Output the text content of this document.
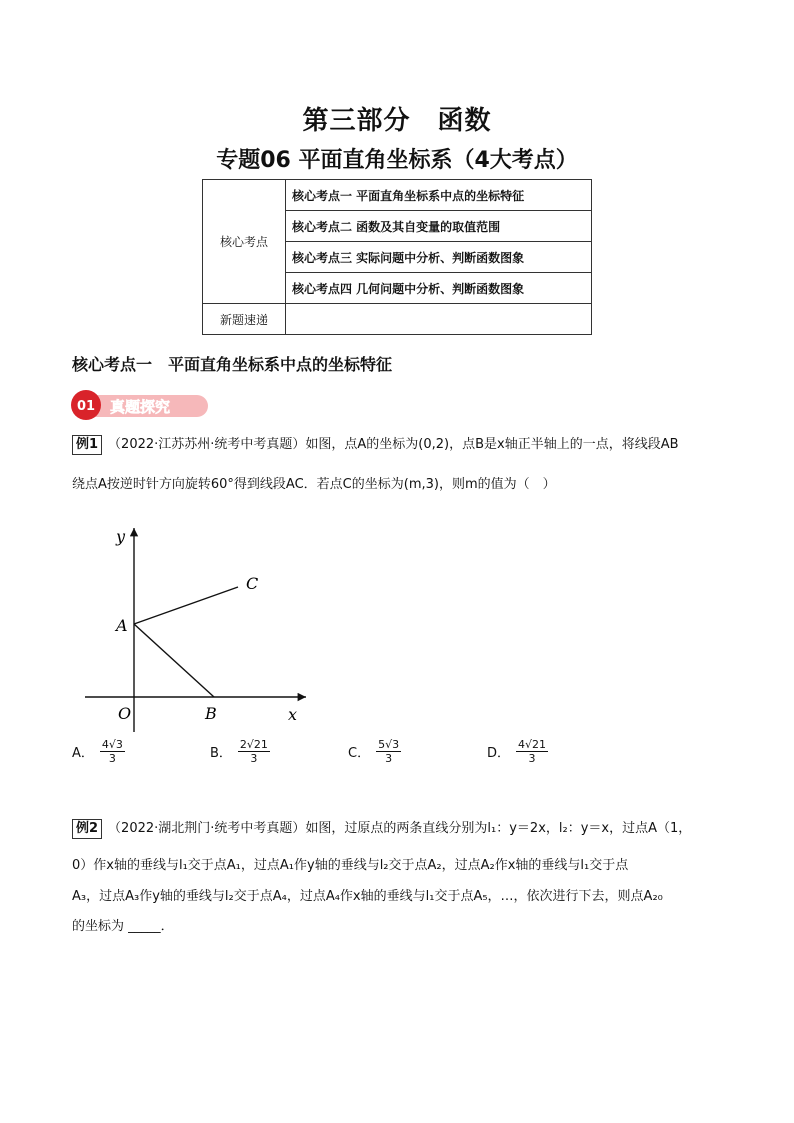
第三部分　函数
专题06 平面直角坐标系（4大考点）
核心考点	核心考点一 平面直角坐标系中点的坐标特征
	核心考点二 函数及其自变量的取值范围
	核心考点三 实际问题中分析、判断函数图象
	核心考点四 几何问题中分析、判断函数图象
新题速递	
核心考点一　平面直角坐标系中点的坐标特征
01 真题探究
例1 （2022·江苏苏州·统考中考真题）如图，点A的坐标为(0,2)，点B是x轴正半轴上的一点，将线段AB
绕点A按逆时针方向旋转60°得到线段AC．若点C的坐标为(m,3)，则m的值为（　）
y
x
O
A
B
C
A． $\frac{4√3}{3}$	B． $\frac{2√21}{3}$	C． $\frac{5√3}{3}$	D． $\frac{4√21}{3}$
例2 （2022·湖北荆门·统考中考真题）如图，过原点的两条直线分别为l₁：y＝2x，l₂：y＝x，过点A（1，
0）作x轴的垂线与l₁交于点A₁，过点A₁作y轴的垂线与l₂交于点A₂，过点A₂作x轴的垂线与l₁交于点
A₃，过点A₃作y轴的垂线与l₂交于点A₄，过点A₄作x轴的垂线与l₁交于点A₅，…，依次进行下去，则点A₂₀
的坐标为 _____．
